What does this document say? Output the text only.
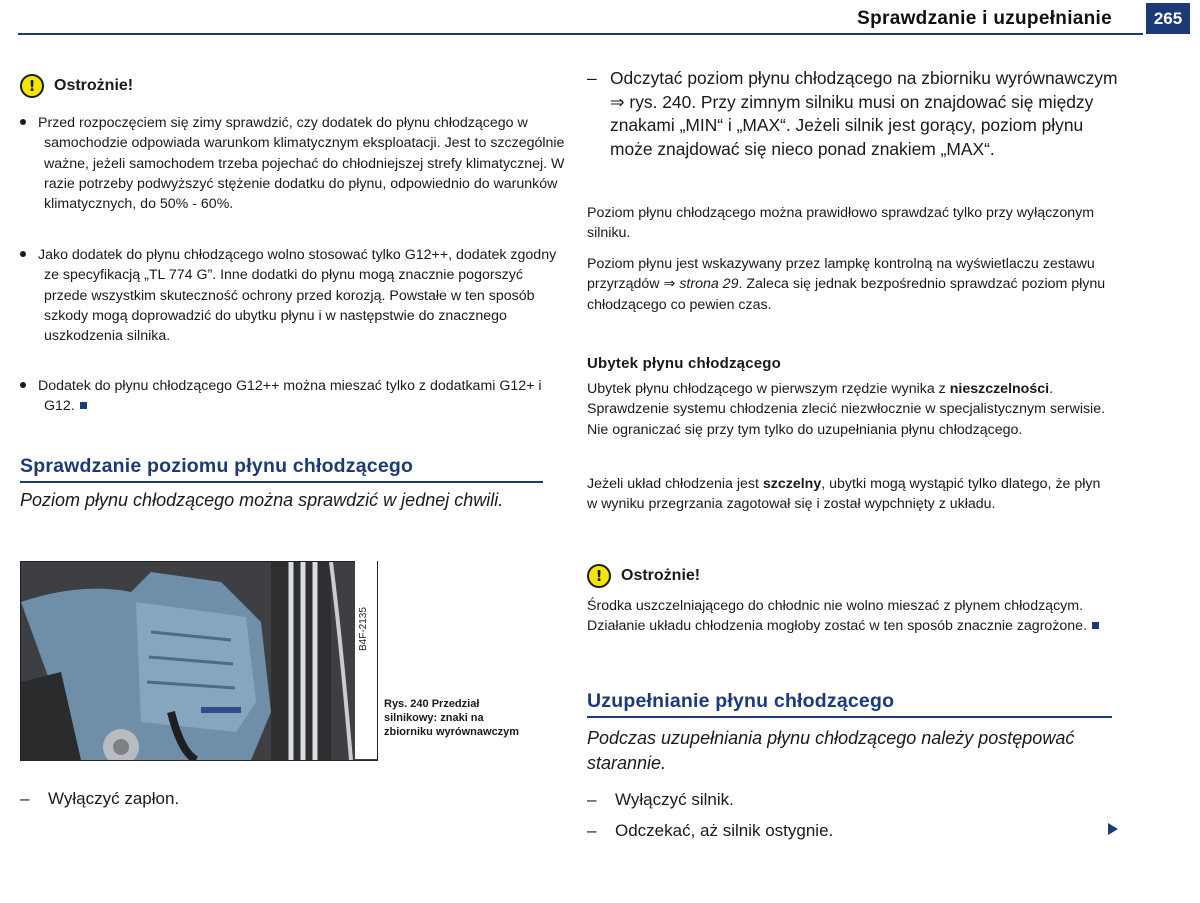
Sprawdzanie i uzupełnianie	265
!	Ostrożnie!

Przed rozpoczęciem się zimy sprawdzić, czy dodatek do płynu chłodzącego w samochodzie odpowiada warunkom klimatycznym eksploatacji. Jest to szczególnie ważne, jeżeli samochodem trzeba pojechać do chłodniejszej strefy klimatycznej. W razie potrzeby podwyższyć stężenie dodatku do płynu, odpowiednio do warunków klimatycznych, do 50% - 60%.

Jako dodatek do płynu chłodzącego wolno stosować tylko G12++, dodatek zgodny ze specyfikacją „TL 774 G”. Inne dodatki do płynu mogą znacznie pogorszyć przede wszystkim skuteczność ochrony przed korozją. Powstałe w ten sposób szkody mogą doprowadzić do ubytku płynu i w następstwie do znacznego uszkodzenia silnika.

Dodatek do płynu chłodzącego G12++ można mieszać tylko z dodatkami G12+ i G12.

Sprawdzanie poziomu płynu chłodzącego
Poziom płynu chłodzącego można sprawdzić w jednej chwili.
– Wyłączyć zapłon.
B4F-2135
Rys. 240 Przedział silnikowy: znaki na zbiorniku wyrównawczym

– Odczytać poziom płynu chłodzącego na zbiorniku wyrównawczym ⇒ rys. 240. Przy zimnym silniku musi on znajdować się między znakami „MIN“ i „MAX“. Jeżeli silnik jest gorący, poziom płynu może znajdować się nieco ponad znakiem „MAX“.

Poziom płynu chłodzącego można prawidłowo sprawdzać tylko przy wyłączonym silniku.

Poziom płynu jest wskazywany przez lampkę kontrolną na wyświetlaczu zestawu przyrządów ⇒ strona 29. Zaleca się jednak bezpośrednio sprawdzać poziom płynu chłodzącego co pewien czas.

Ubytek płynu chłodzącego

Ubytek płynu chłodzącego w pierwszym rzędzie wynika z nieszczelności. Sprawdzenie systemu chłodzenia zlecić niezwłocznie w specjalistycznym serwisie. Nie ograniczać się przy tym tylko do uzupełniania płynu chłodzącego.

Jeżeli układ chłodzenia jest szczelny, ubytki mogą wystąpić tylko dlatego, że płyn w wyniku przegrzania zagotował się i został wypchnięty z układu.

!	Ostrożnie!

Środka uszczelniającego do chłodnic nie wolno mieszać z płynem chłodzącym. Działanie układu chłodzenia mogłoby zostać w ten sposób znacznie zagrożone.

Uzupełnianie płynu chłodzącego
Podczas uzupełniania płynu chłodzącego należy postępować starannie.
– Wyłączyć silnik.
– Odczekać, aż silnik ostygnie.
